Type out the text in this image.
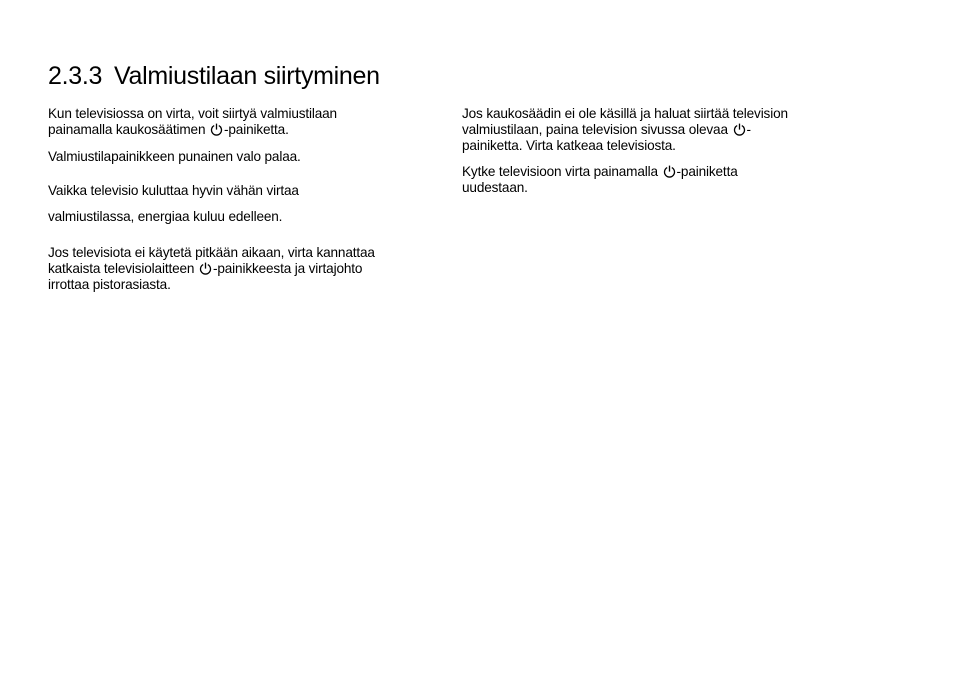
2.3.3 Valmiustilaan siirtyminen

Kun televisiossa on virta, voit siirtyä valmiustilaan

painamalla kaukosäätimen -painiketta.

Valmiustilapainikkeen punainen valo palaa.

Vaikka televisio kuluttaa hyvin vähän virtaa

valmiustilassa, energiaa kuluu edelleen.

Jos televisiota ei käytetä pitkään aikaan, virta kannattaa

katkaista televisiolaitteen -painikkeesta ja virtajohto

irrottaa pistorasiasta.

Jos kaukosäädin ei ole käsillä ja haluat siirtää television

valmiustilaan, paina television sivussa olevaa -

painiketta. Virta katkeaa televisiosta.

Kytke televisioon virta painamalla -painiketta

uudestaan.
